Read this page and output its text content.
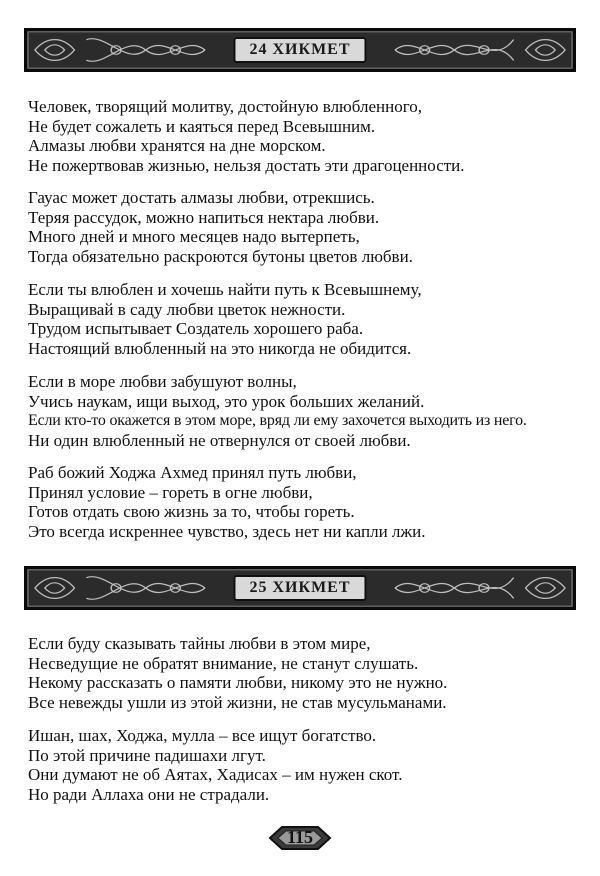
24 ХИКМЕТ
Человек, творящий молитву, достойную влюбленного,
Не будет сожалеть и каяться перед Всевышним.
Алмазы любви хранятся на дне морском.
Не пожертвовав жизнью, нельзя достать эти драгоценности.
Гауас может достать алмазы любви, отрекшись.
Теряя рассудок, можно напиться нектара любви.
Много дней и много месяцев надо вытерпеть,
Тогда обязательно раскроются бутоны цветов любви.
Если ты влюблен и хочешь найти путь к Всевышнему,
Выращивай в саду любви цветок нежности.
Трудом испытывает Создатель хорошего раба.
Настоящий влюбленный на это никогда не обидится.
Если в море любви забушуют волны,
Учись наукам, ищи выход, это урок больших желаний.
Если кто-то окажется в этом море, вряд ли ему захочется выходить из него.
Ни один влюбленный не отвернулся от своей любви.
Раб божий Ходжа Ахмед принял путь любви,
Принял условие – гореть в огне любви,
Готов отдать свою жизнь за то, чтобы гореть.
Это всегда искреннее чувство, здесь нет ни капли лжи.
25 ХИКМЕТ
Если буду сказывать тайны любви в этом мире,
Несведущие не обратят внимание, не станут слушать.
Некому рассказать о памяти любви, никому это не нужно.
Все невежды ушли из этой жизни, не став мусульманами.
Ишан, шах, Ходжа, мулла – все ищут богатство.
По этой причине падишахи лгут.
Они думают не об Аятах, Хадисах – им нужен скот.
Но ради Аллаха они не страдали.
115
